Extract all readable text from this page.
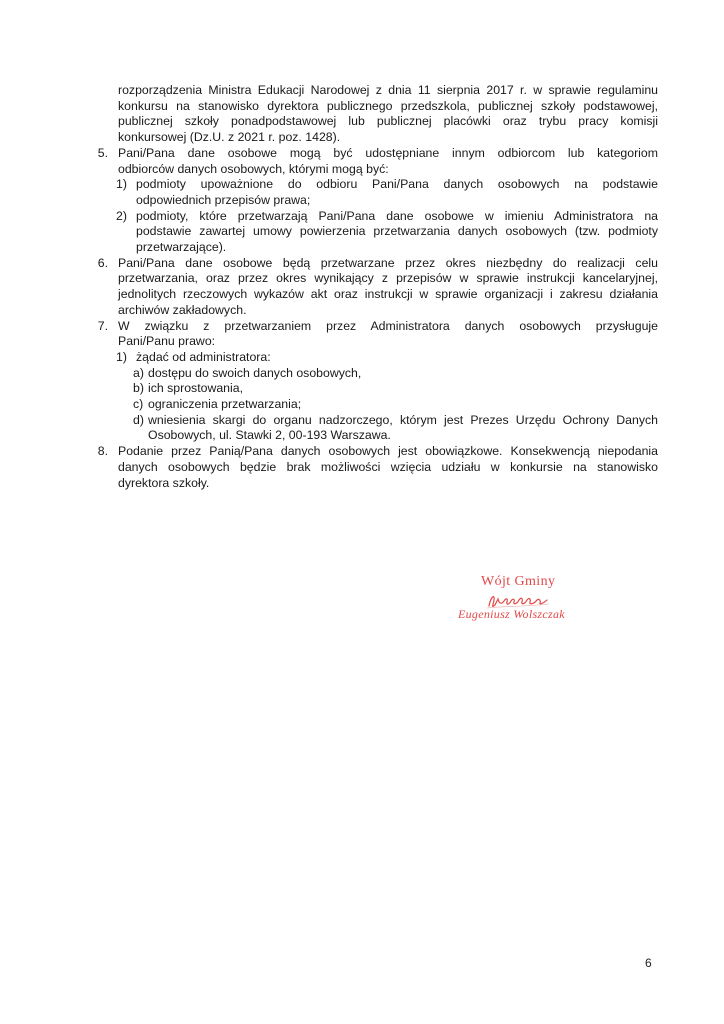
rozporządzenia Ministra Edukacji Narodowej z dnia 11 sierpnia 2017 r. w sprawie regulaminu
konkursu na stanowisko dyrektora publicznego przedszkola, publicznej szkoły podstawowej,
publicznej szkoły ponadpodstawowej lub publicznej placówki oraz trybu pracy komisji
konkursowej (Dz.U. z 2021 r. poz. 1428).
5. Pani/Pana dane osobowe mogą być udostępniane innym odbiorcom lub kategoriom
odbiorców danych osobowych, którymi mogą być:
1) podmioty upoważnione do odbioru Pani/Pana danych osobowych na podstawie
odpowiednich przepisów prawa;
2) podmioty, które przetwarzają Pani/Pana dane osobowe w imieniu Administratora na
podstawie zawartej umowy powierzenia przetwarzania danych osobowych (tzw. podmioty
przetwarzające).
6. Pani/Pana dane osobowe będą przetwarzane przez okres niezbędny do realizacji celu
przetwarzania, oraz przez okres wynikający z przepisów w sprawie instrukcji kancelaryjnej,
jednolitych rzeczowych wykazów akt oraz instrukcji w sprawie organizacji i zakresu działania
archiwów zakładowych.
7. W związku z przetwarzaniem przez Administratora danych osobowych przysługuje
Pani/Panu prawo:
1) żądać od administratora:
a) dostępu do swoich danych osobowych,
b) ich sprostowania,
c) ograniczenia przetwarzania;
d) wniesienia skargi do organu nadzorczego, którym jest Prezes Urzędu Ochrony Danych
Osobowych, ul. Stawki 2, 00-193 Warszawa.
8. Podanie przez Panią/Pana danych osobowych jest obowiązkowe. Konsekwencją niepodania
danych osobowych będzie brak możliwości wzięcia udziału w konkursie na stanowisko
dyrektora szkoły.
Wójt Gminy
Eugeniusz Wolszczak
6
